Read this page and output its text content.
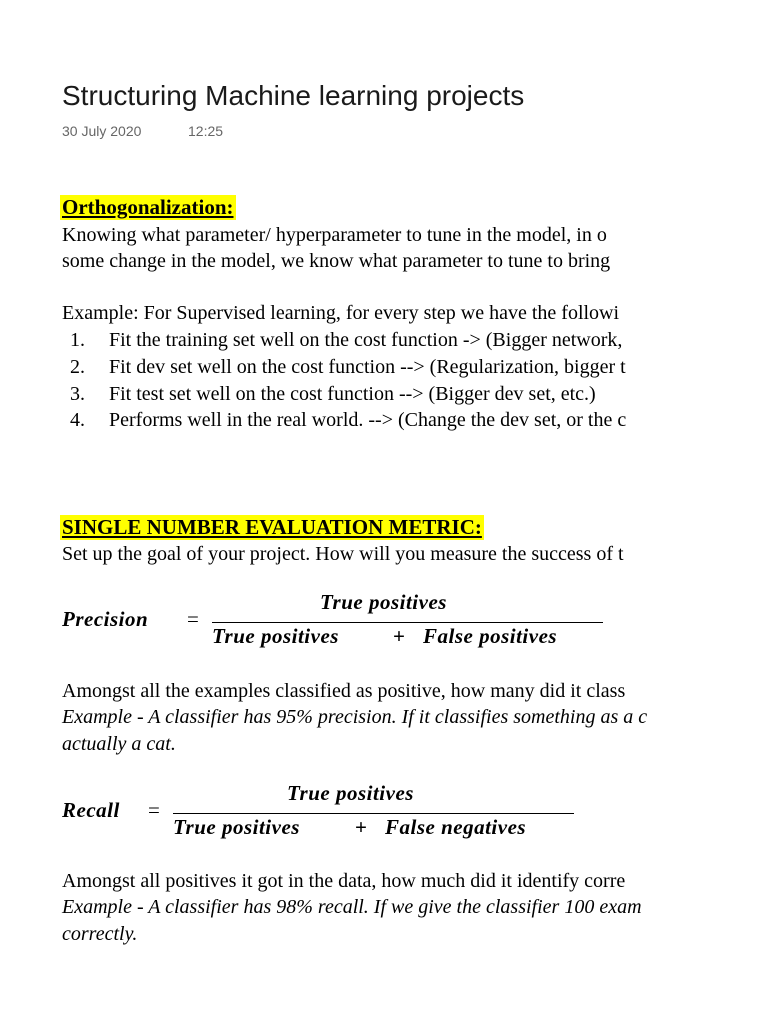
Structuring Machine learning projects
30 July 2020	12:25
Orthogonalization:
Knowing what parameter/ hyperparameter to tune in the model, in o
some change in the model, we know what parameter to tune to bring
Example: For Supervised learning, for every step we have the followi
1. Fit the training set well on the cost function -> (Bigger network,
2. Fit dev set well on the cost function --> (Regularization, bigger t
3. Fit test set well on the cost function --> (Bigger dev set, etc.)
4. Performs well in the real world. --> (Change the dev set, or the c
SINGLE NUMBER EVALUATION METRIC:
Set up the goal of your project. How will you measure the success of t
Precision =
True positives
True positives	+ False positives
Amongst all the examples classified as positive, how many did it class
Example - A classifier has 95% precision. If it classifies something as a c
actually a cat.
Recall =
True positives
True positives	+ False negatives
Amongst all positives it got in the data, how much did it identify corre
Example - A classifier has 98% recall. If we give the classifier 100 exam
correctly.
